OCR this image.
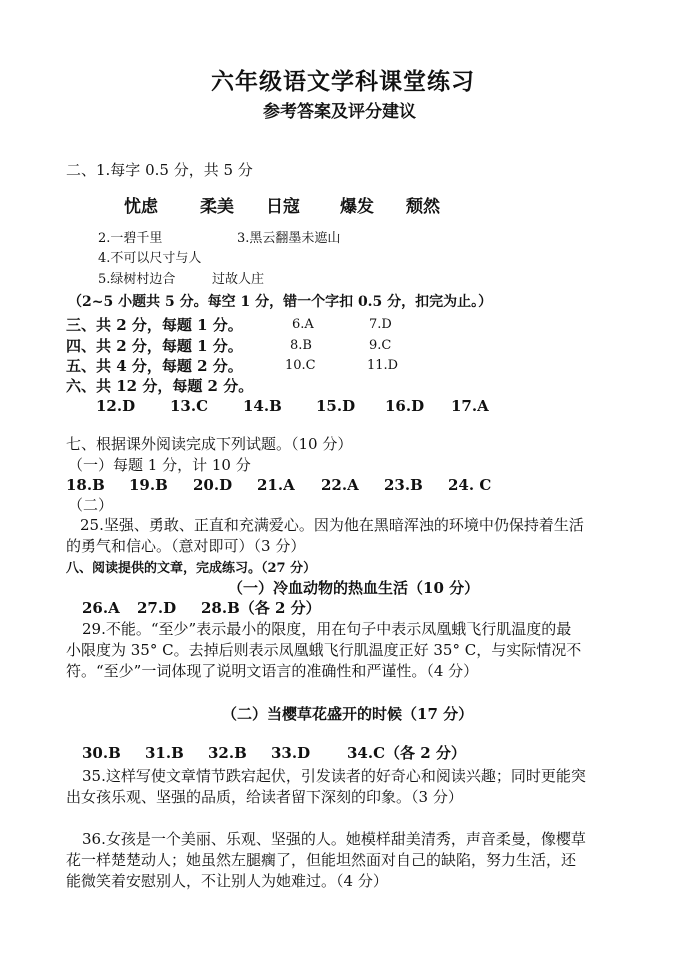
六年级语文学科课堂练习
参考答案及评分建议
二、1.每字 0.5 分，共 5 分
忧虑 柔美 日寇 爆发 颓然
2.一碧千里	3.黑云翻墨未遮山
4.不可以尺寸与人
5.绿树村边合	过故人庄
（2~5 小题共 5 分。每空 1 分，错一个字扣 0.5 分，扣完为止。）
三、共 2 分，每题 1 分。	6.A	7.D
四、共 2 分，每题 1 分。	8.B	9.C
五、共 4 分，每题 2 分。	10.C	11.D
六、共 12 分，每题 2 分。
12.D 13.C 14.B 15.D 16.D 17.A
七、根据课外阅读完成下列试题。（10 分）
（一）每题 1 分，计 10 分
18.B 19.B 20.D 21.A 22.A 23.B 24. C
（二）
25.坚强、勇敢、正直和充满爱心。因为他在黑暗浑浊的环境中仍保持着生活
的勇气和信心。（意对即可）（3 分）
八、阅读提供的文章，完成练习。（27 分）
（一）冷血动物的热血生活（10 分）
26.A 27.D 28.B（各 2 分）
29.不能。“至少”表示最小的限度，用在句子中表示凤凰蛾飞行肌温度的最
小限度为 35° C。去掉后则表示凤凰蛾飞行肌温度正好 35° C，与实际情况不
符。“至少”一词体现了说明文语言的准确性和严谨性。（4 分）
（二）当樱草花盛开的时候（17 分）
30.B 31.B 32.B 33.D 34.C（各 2 分）
35.这样写使文章情节跌宕起伏，引发读者的好奇心和阅读兴趣；同时更能突
出女孩乐观、坚强的品质，给读者留下深刻的印象。（3 分）
36.女孩是一个美丽、乐观、坚强的人。她模样甜美清秀，声音柔曼，像樱草
花一样楚楚动人；她虽然左腿瘸了，但能坦然面对自己的缺陷，努力生活，还
能微笑着安慰别人，不让别人为她难过。（4 分）
